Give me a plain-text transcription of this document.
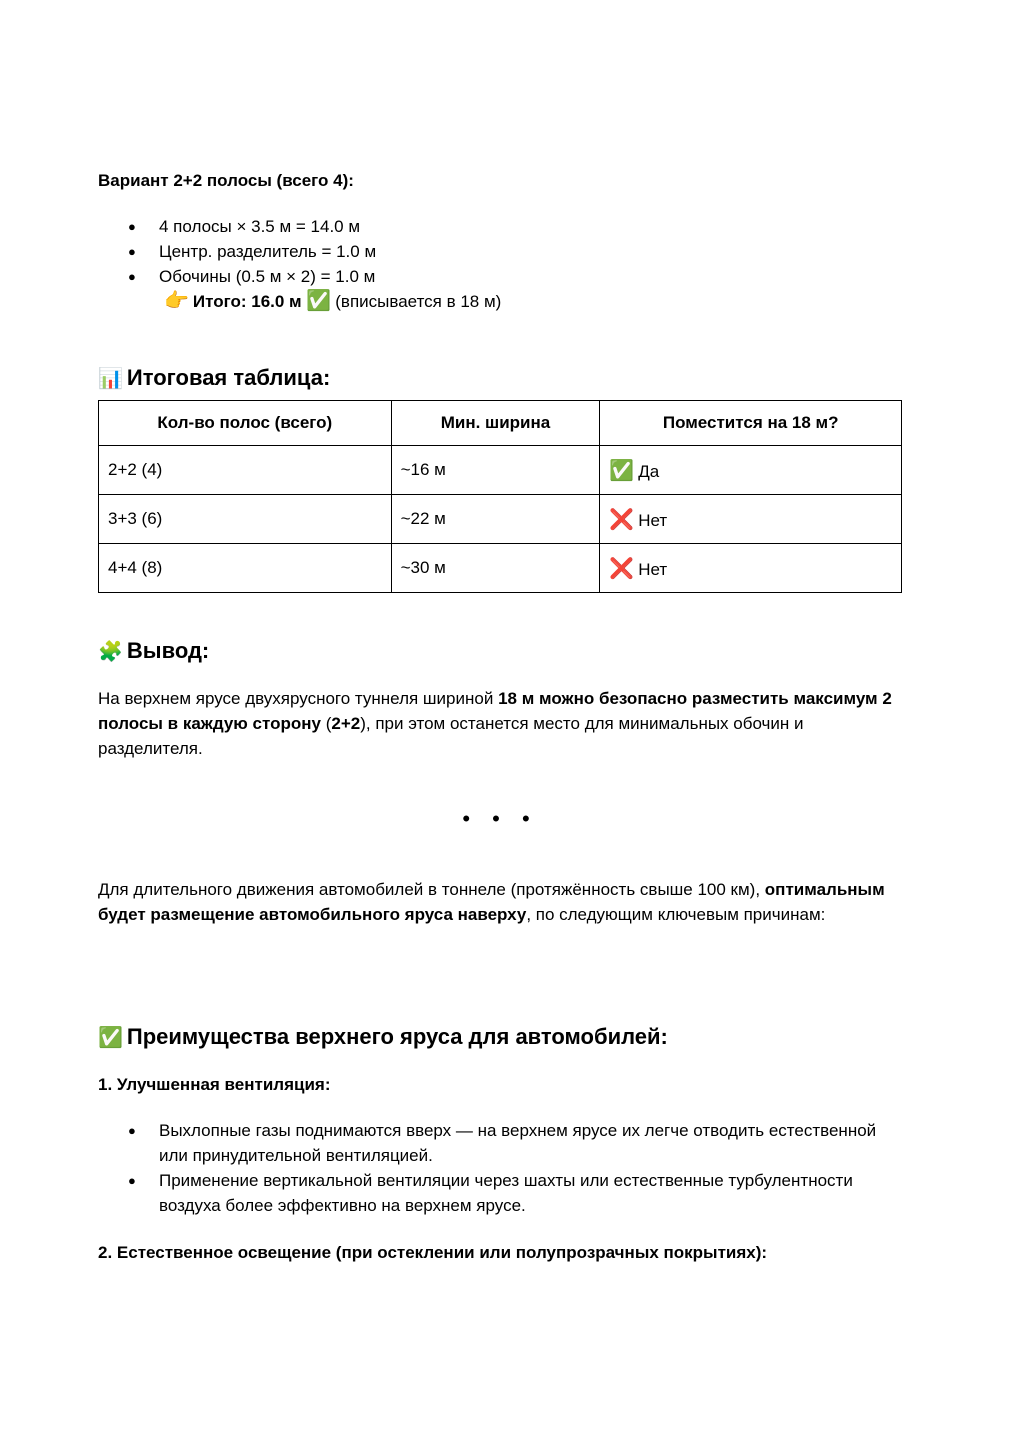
Вариант 2+2 полосы (всего 4):

● 4 полосы × 3.5 м = 14.0 м
● Центр. разделитель = 1.0 м
● Обочины (0.5 м × 2) = 1.0 м
👉 Итого: 16.0 м ✅ (вписывается в 18 м)
📊 Итоговая таблица:
Кол-во полос (всего)	Мин. ширина	Поместится на 18 м?
2+2 (4)	~16 м	✅ Да
3+3 (6)	~22 м	❌ Нет
4+4 (8)	~30 м	❌ Нет
🧩 Вывод:

На верхнем ярусе двухярусного туннеля шириной 18 м можно безопасно разместить максимум 2 полосы в каждую сторону (2+2), при этом останется место для минимальных обочин и разделителя.

• • •

Для длительного движения автомобилей в тоннеле (протяжённость свыше 100 км), оптимальным будет размещение автомобильного яруса наверху, по следующим ключевым причинам:

✅ Преимущества верхнего яруса для автомобилей:

1. Улучшенная вентиляция:

● Выхлопные газы поднимаются вверх — на верхнем ярусе их легче отводить естественной или принудительной вентиляцией.
● Применение вертикальной вентиляции через шахты или естественные турбулентности воздуха более эффективно на верхнем ярусе.

2. Естественное освещение (при остеклении или полупрозрачных покрытиях):
